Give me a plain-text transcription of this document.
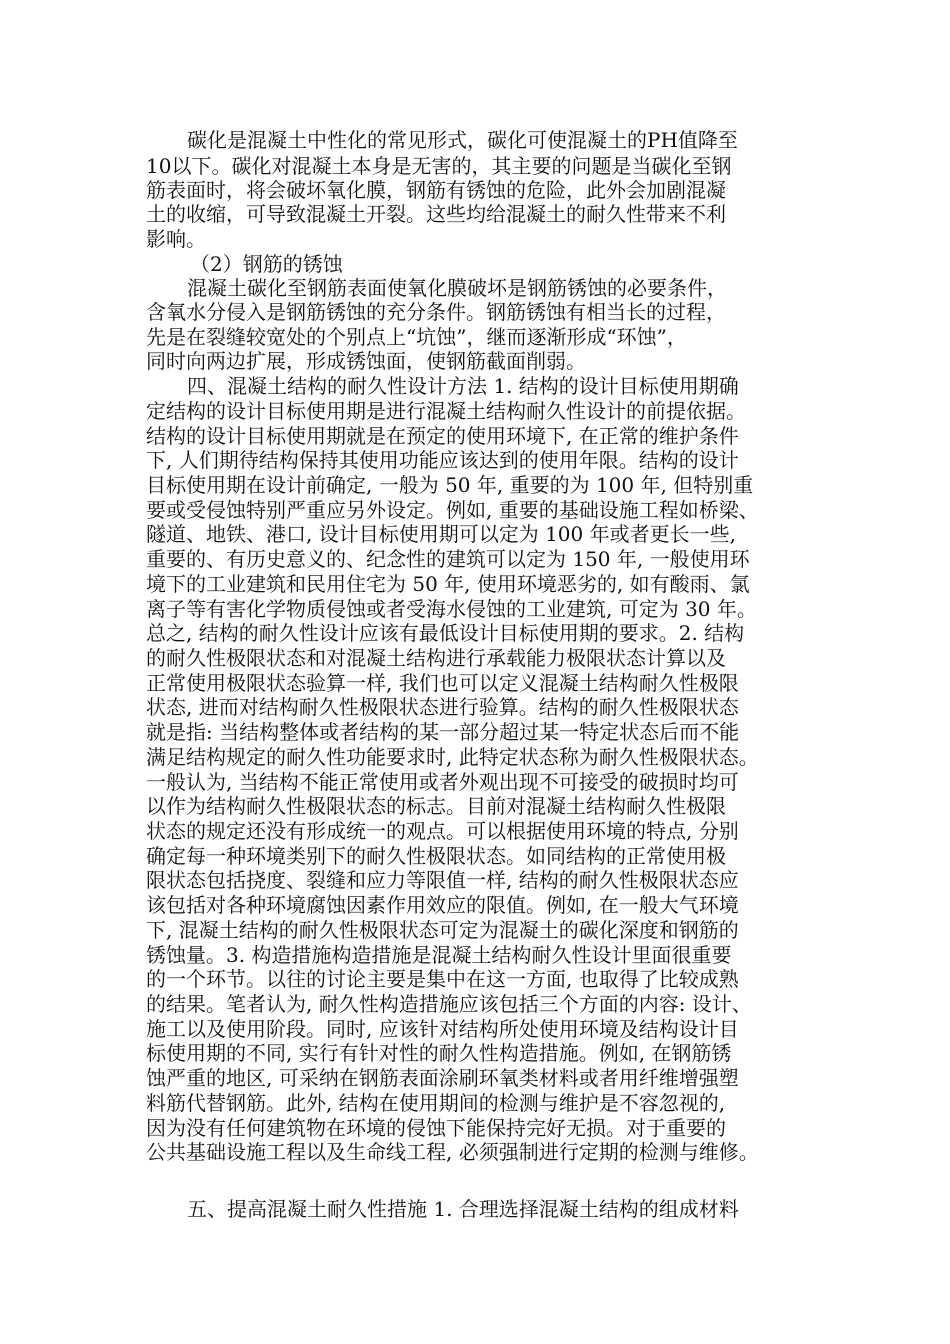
碳化是混凝土中性化的常见形式，碳化可使混凝土的PH值降至
10以下。碳化对混凝土本身是无害的，其主要的问题是当碳化至钢
筋表面时，将会破坏氧化膜，钢筋有锈蚀的危险，此外会加剧混凝
土的收缩，可导致混凝土开裂。这些均给混凝土的耐久性带来不利
影响。
（2）钢筋的锈蚀
混凝土碳化至钢筋表面使氧化膜破坏是钢筋锈蚀的必要条件，
含氧水分侵入是钢筋锈蚀的充分条件。钢筋锈蚀有相当长的过程，
先是在裂缝较宽处的个别点上“坑蚀”，继而逐渐形成“环蚀”，
同时向两边扩展，形成锈蚀面，使钢筋截面削弱。
四、混凝土结构的耐久性设计方法 1. 结构的设计目标使用期确
定结构的设计目标使用期是进行混凝土结构耐久性设计的前提依据。
结构的设计目标使用期就是在预定的使用环境下, 在正常的维护条件
下, 人们期待结构保持其使用功能应该达到的使用年限。结构的设计
目标使用期在设计前确定, 一般为 50 年, 重要的为 100 年, 但特别重
要或受侵蚀特别严重应另外设定。例如, 重要的基础设施工程如桥梁、
隧道、地铁、港口, 设计目标使用期可以定为 100 年或者更长一些,
重要的、有历史意义的、纪念性的建筑可以定为 150 年, 一般使用环
境下的工业建筑和民用住宅为 50 年, 使用环境恶劣的, 如有酸雨、氯
离子等有害化学物质侵蚀或者受海水侵蚀的工业建筑, 可定为 30 年。
总之, 结构的耐久性设计应该有最低设计目标使用期的要求。2. 结构
的耐久性极限状态和对混凝土结构进行承载能力极限状态计算以及
正常使用极限状态验算一样, 我们也可以定义混凝土结构耐久性极限
状态, 进而对结构耐久性极限状态进行验算。结构的耐久性极限状态
就是指: 当结构整体或者结构的某一部分超过某一特定状态后而不能
满足结构规定的耐久性功能要求时, 此特定状态称为耐久性极限状态。
一般认为, 当结构不能正常使用或者外观出现不可接受的破损时均可
以作为结构耐久性极限状态的标志。目前对混凝土结构耐久性极限
状态的规定还没有形成统一的观点。可以根据使用环境的特点, 分别
确定每一种环境类别下的耐久性极限状态。如同结构的正常使用极
限状态包括挠度、裂缝和应力等限值一样, 结构的耐久性极限状态应
该包括对各种环境腐蚀因素作用效应的限值。例如, 在一般大气环境
下, 混凝土结构的耐久性极限状态可定为混凝土的碳化深度和钢筋的
锈蚀量。3. 构造措施构造措施是混凝土结构耐久性设计里面很重要
的一个环节。以往的讨论主要是集中在这一方面, 也取得了比较成熟
的结果。笔者认为, 耐久性构造措施应该包括三个方面的内容: 设计、
施工以及使用阶段。同时, 应该针对结构所处使用环境及结构设计目
标使用期的不同, 实行有针对性的耐久性构造措施。例如, 在钢筋锈
蚀严重的地区, 可采纳在钢筋表面涂刷环氧类材料或者用纤维增强塑
料筋代替钢筋。此外, 结构在使用期间的检测与维护是不容忽视的,
因为没有任何建筑物在环境的侵蚀下能保持完好无损。对于重要的
公共基础设施工程以及生命线工程, 必须强制进行定期的检测与维修。
五、提高混凝土耐久性措施 1. 合理选择混凝土结构的组成材料
